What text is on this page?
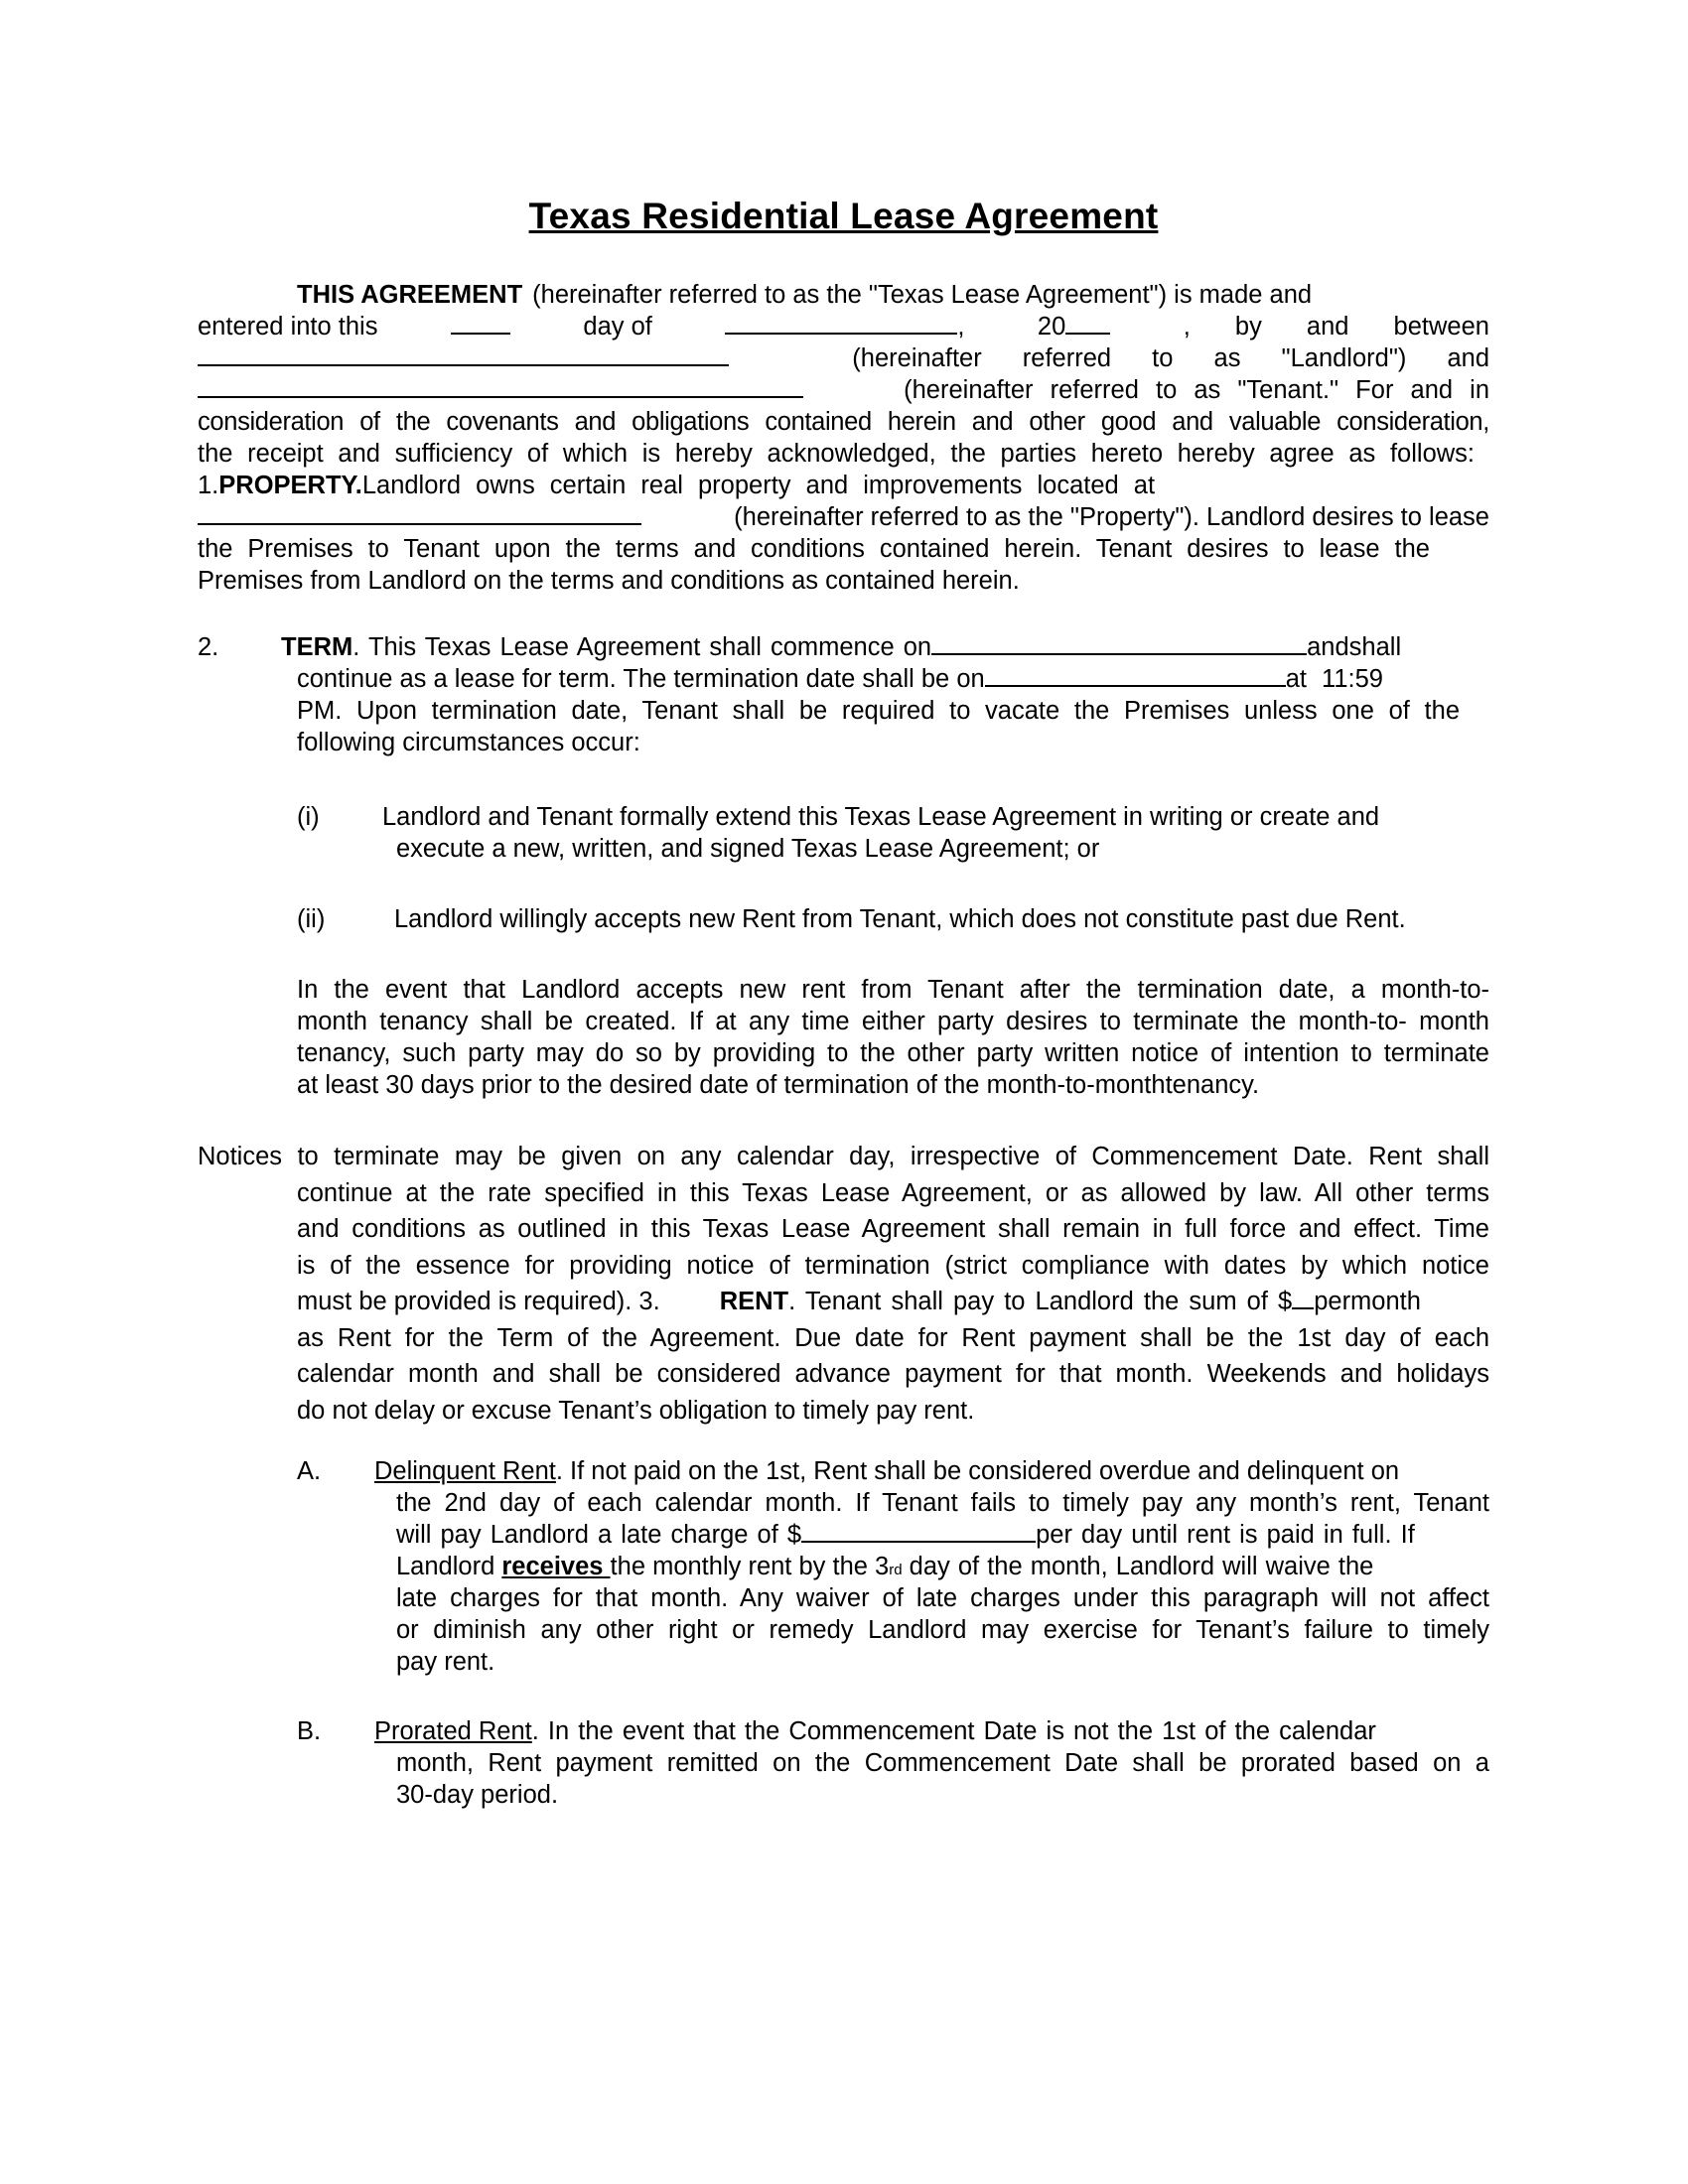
Texas Residential Lease Agreement
THIS AGREEMENT (hereinafter referred to as the "Texas Lease Agreement") is made and
entered into this	day of	,	20	, by and between
(hereinafter referred to as "Landlord") and
(hereinafter referred to as "Tenant." For and in
consideration of the covenants and obligations contained herein and other good and valuable consideration,
the receipt and sufficiency of which is hereby acknowledged, the parties hereto hereby agree as follows:
1. PROPERTY. Landlord owns certain real property and improvements located at
(hereinafter referred to as the "Property"). Landlord desires to lease
the Premises to Tenant upon the terms and conditions contained herein. Tenant desires to lease the
Premises from Landlord on the terms and conditions as contained herein.
2.	TERM . This Texas Lease Agreement shall commence on	andshall
continue as a lease for term. The termination date shall be on	at 11:59
PM. Upon termination date, Tenant shall be required to vacate the Premises unless one of the
following circumstances occur:
(i)	Landlord and Tenant formally extend this Texas Lease Agreement in writing or create and
execute a new, written, and signed Texas Lease Agreement; or
(ii)	Landlord willingly accepts new Rent from Tenant, which does not constitute past due Rent.
In the event that Landlord accepts new rent from Tenant after the termination date, a month-to-
month tenancy shall be created. If at any time either party desires to terminate the month-to- month
tenancy, such party may do so by providing to the other party written notice of intention to terminate
at least 30 days prior to the desired date of termination of the month-to-monthtenancy.
Notices to terminate may be given on any calendar day, irrespective of Commencement Date. Rent shall
continue at the rate specified in this Texas Lease Agreement, or as allowed by law. All other terms
and conditions as outlined in this Texas Lease Agreement shall remain in full force and effect. Time
is of the essence for providing notice of termination (strict compliance with dates by which notice
must be provided is required). 3. RENT . Tenant shall pay to Landlord the sum of $ permonth
as Rent for the Term of the Agreement. Due date for Rent payment shall be the 1st day of each
calendar month and shall be considered advance payment for that month. Weekends and holidays
do not delay or excuse Tenant’s obligation to timely pay rent.
A.	Delinquent Rent . If not paid on the 1st, Rent shall be considered overdue and delinquent on
the 2nd day of each calendar month. If Tenant fails to timely pay any month’s rent, Tenant
will pay Landlord a late charge of $	per day until rent is paid in full. If
Landlord
receives
the monthly rent by the 3 rd
day of the month, Landlord will waive the
late charges for that month. Any waiver of late charges under this paragraph will not affect
or diminish any other right or remedy Landlord may exercise for Tenant’s failure to timely
pay rent.
B.	Prorated Rent . In the event that the Commencement Date is not the 1st of the calendar
month, Rent payment remitted on the Commencement Date shall be prorated based on a
30-day period.
